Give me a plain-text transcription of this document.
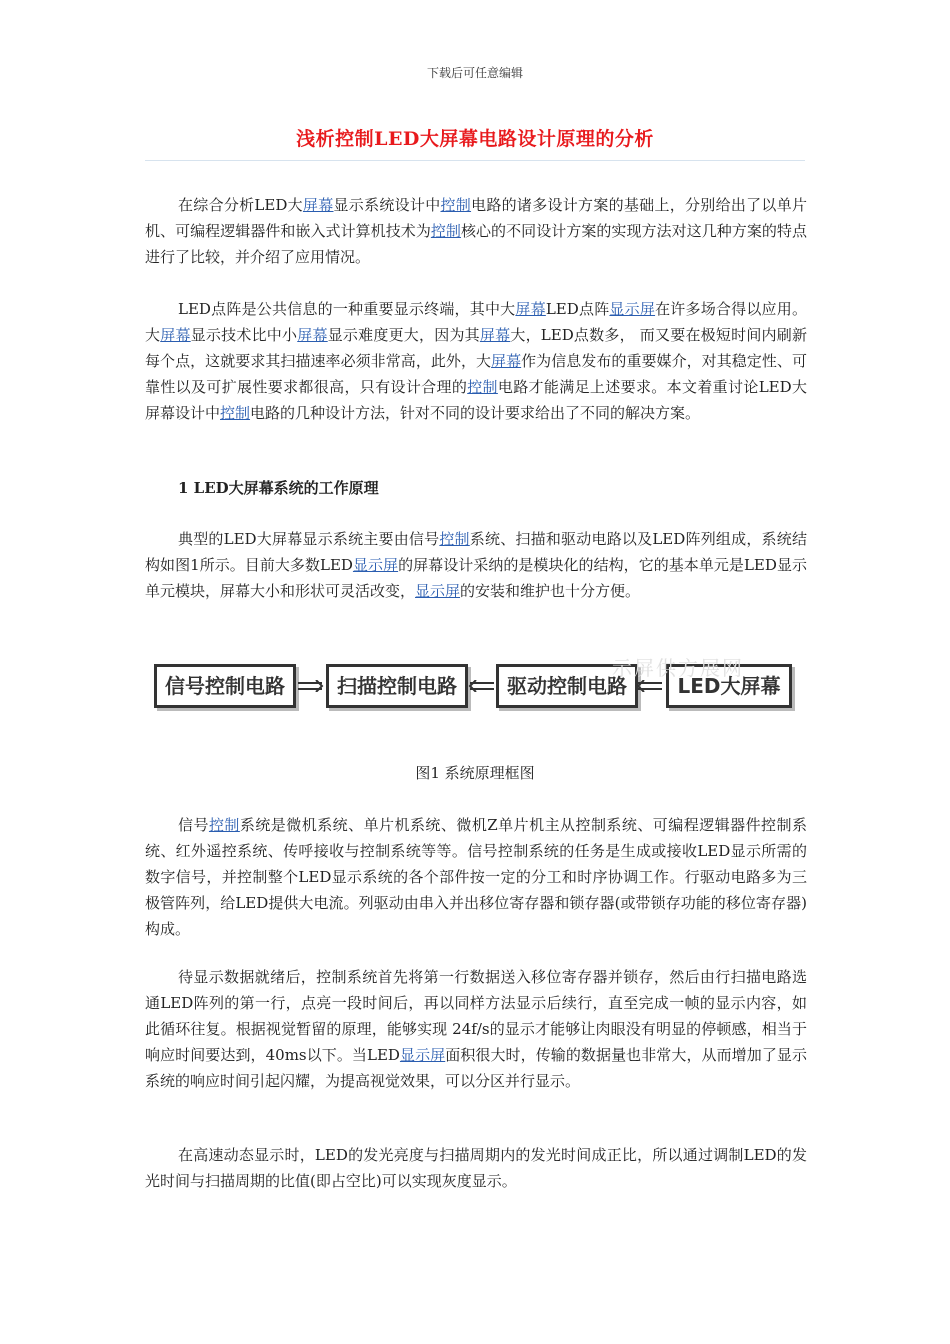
下载后可任意编辑
浅析控制LED大屏幕电路设计原理的分析

在综合分析LED大屏幕显示系统设计中控制电路的诸多设计方案的基础上，分别给出了以单片机、可编程逻辑器件和嵌入式计算机技术为控制核心的不同设计方案的实现方法对这几种方案的特点进行了比较，并介绍了应用情况。

LED点阵是公共信息的一种重要显示终端，其中大屏幕LED点阵显示屏在许多场合得以应用。大屏幕显示技术比中小屏幕显示难度更大，因为其屏幕大，LED点数多， 而又要在极短时间内刷新每个点，这就要求其扫描速率必须非常高，此外，大屏幕作为信息发布的重要媒介，对其稳定性、可靠性以及可扩展性要求都很高，只有设计合理的控制电路才能满足上述要求。本文着重讨论LED大屏幕设计中控制电路的几种设计方法，针对不同的设计要求给出了不同的解决方案。

1 LED大屏幕系统的工作原理

典型的LED大屏幕显示系统主要由信号控制系统、扫描和驱动电路以及LED阵列组成，系统结构如图1所示。目前大多数LED显示屏的屏幕设计采纳的是模块化的结构，它的基本单元是LED显示单元模块，屏幕大小和形状可灵活改变，显示屏的安装和维护也十分方便。

信号控制电路	扫描控制电路	驱动控制电路	LED大屏幕
示屏供方展网
图1 系统原理框图

信号控制系统是微机系统、单片机系统、微机Z单片机主从控制系统、可编程逻辑器件控制系统、红外遥控系统、传呼接收与控制系统等等。信号控制系统的任务是生成或接收LED显示所需的数字信号，并控制整个LED显示系统的各个部件按一定的分工和时序协调工作。行驱动电路多为三极管阵列，给LED提供大电流。列驱动由串入并出移位寄存器和锁存器(或带锁存功能的移位寄存器)构成。

待显示数据就绪后，控制系统首先将第一行数据送入移位寄存器并锁存，然后由行扫描电路选通LED阵列的第一行，点亮一段时间后，再以同样方法显示后续行，直至完成一帧的显示内容，如此循环往复。根据视觉暂留的原理，能够实现 24f/s的显示才能够让肉眼没有明显的停顿感，相当于响应时间要达到，40ms以下。当LED显示屏面积很大时，传输的数据量也非常大，从而增加了显示系统的响应时间引起闪耀，为提高视觉效果，可以分区并行显示。

在高速动态显示时，LED的发光亮度与扫描周期内的发光时间成正比，所以通过调制LED的发光时间与扫描周期的比值(即占空比)可以实现灰度显示。
